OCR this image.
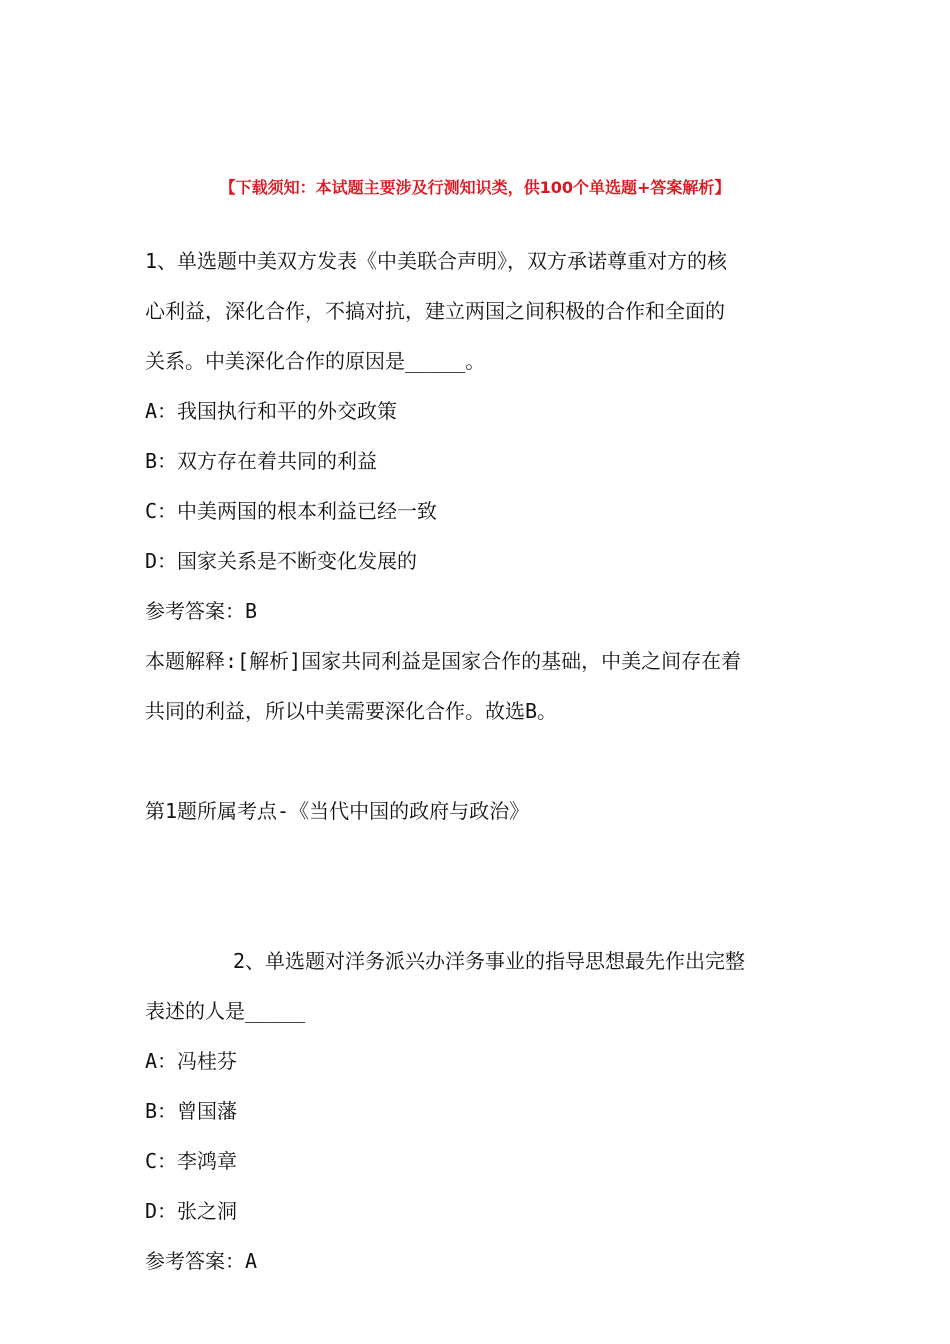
【下载须知：本试题主要涉及行测知识类，供100个单选题+答案解析】

1、单选题中美双方发表《中美联合声明》，双方承诺尊重对方的核

心利益，深化合作，不搞对抗，建立两国之间积极的合作和全面的

关系。中美深化合作的原因是_____。

A：我国执行和平的外交政策

B：双方存在着共同的利益

C：中美两国的根本利益已经一致

D：国家关系是不断变化发展的

参考答案：B

本题解释:[解析]国家共同利益是国家合作的基础，中美之间存在着

共同的利益，所以中美需要深化合作。故选B。

第1题所属考点-《当代中国的政府与政治》

2、单选题对洋务派兴办洋务事业的指导思想最先作出完整

表述的人是_____

A：冯桂芬

B：曾国藩

C：李鸿章

D：张之洞

参考答案：A
